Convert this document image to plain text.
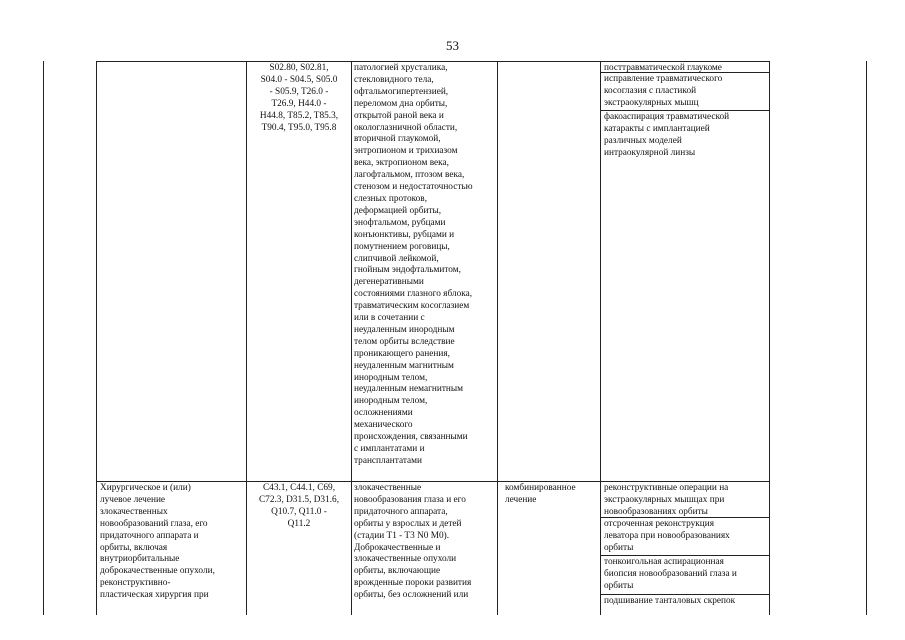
53
S02.80, S02.81,
S04.0 - S04.5, S05.0
- S05.9, T26.0 -
T26.9, H44.0 -
H44.8, T85.2, T85.3,
T90.4, T95.0, T95.8
патологией хрусталика,
стекловидного тела,
офтальмогипертензией,
переломом дна орбиты,
открытой раной века и
окологлазничной области,
вторичной глаукомой,
энтропионом и трихиазом
века, эктропионом века,
лагофтальмом, птозом века,
стенозом и недостаточностью
слезных протоков,
деформацией орбиты,
энофтальмом, рубцами
конъюнктивы, рубцами и
помутнением роговицы,
слипчивой лейкомой,
гнойным эндофтальмитом,
дегенеративными
состояниями глазного яблока,
травматическим косоглазием
или в сочетании с
неудаленным инородным
телом орбиты вследствие
проникающего ранения,
неудаленным магнитным
инородным телом,
неудаленным немагнитным
инородным телом,
осложнениями
механического
происхождения, связанными
с имплантатами и
трансплантатами
посттравматической глаукоме
исправление травматического
косоглазия с пластикой
экстраокулярных мышц
факоаспирация травматической
катаракты с имплантацией
различных моделей
интраокулярной линзы
Хирургическое и (или)
лучевое лечение
злокачественных
новообразований глаза, его
придаточного аппарата и
орбиты, включая
внутриорбитальные
доброкачественные опухоли,
реконструктивно-
пластическая хирургия при
C43.1, C44.1, C69,
C72.3, D31.5, D31.6,
Q10.7, Q11.0 -
Q11.2
злокачественные
новообразования глаза и его
придаточного аппарата,
орбиты у взрослых и детей
(стадии T1 - T3 N0 M0).
Доброкачественные и
злокачественные опухоли
орбиты, включающие
врожденные пороки развития
орбиты, без осложнений или
комбинированное
лечение
реконструктивные операции на
экстраокулярных мышцах при
новообразованиях орбиты
отсроченная реконструкция
леватора при новообразованиях
орбиты
тонкоигольная аспирационная
биопсия новообразований глаза и
орбиты
подшивание танталовых скрепок
